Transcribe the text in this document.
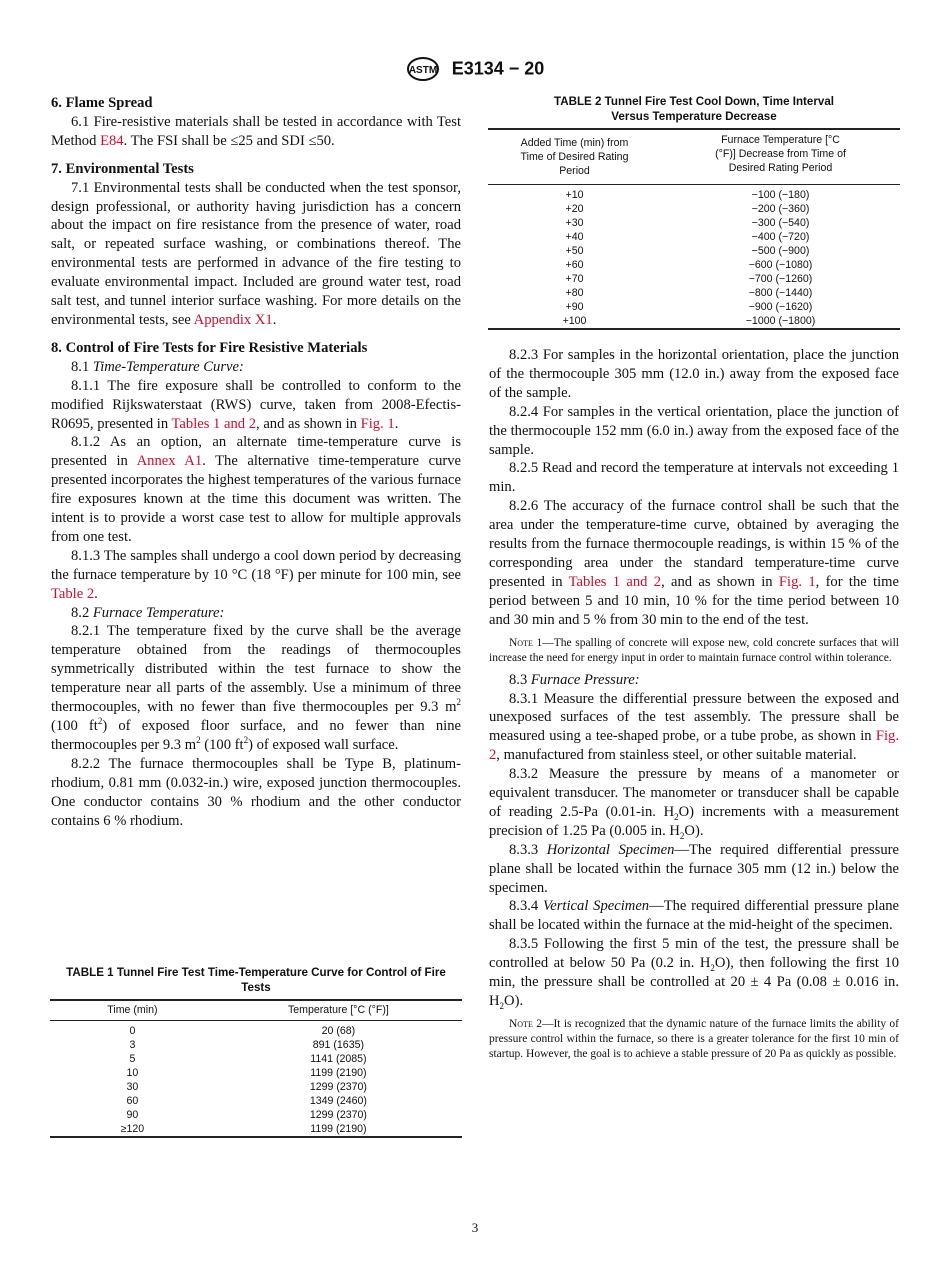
ASTM E3134 − 20
6. Flame Spread

6.1 Fire-resistive materials shall be tested in accordance with Test Method E84. The FSI shall be ≤25 and SDI ≤50.

7. Environmental Tests

7.1 Environmental tests shall be conducted when the test sponsor, design professional, or authority having jurisdiction has a concern about the impact on fire resistance from the presence of water, road salt, or repeated surface washing, or combinations thereof. The environmental tests are performed in advance of the fire testing to evaluate environmental impact. Included are ground water test, road salt test, and tunnel interior surface washing. For more details on the environmental tests, see Appendix X1.

8. Control of Fire Tests for Fire Resistive Materials

8.1 Time-Temperature Curve:

8.1.1 The fire exposure shall be controlled to conform to the modified Rijkswaterstaat (RWS) curve, taken from 2008-Efectis-R0695, presented in Tables 1 and 2, and as shown in Fig. 1.

8.1.2 As an option, an alternate time-temperature curve is presented in Annex A1. The alternative time-temperature curve presented incorporates the highest temperatures of the various furnace fire exposures known at the time this document was written. The intent is to provide a worst case test to allow for multiple approvals from one test.

8.1.3 The samples shall undergo a cool down period by decreasing the furnace temperature by 10 °C (18 °F) per minute for 100 min, see Table 2.

8.2 Furnace Temperature:

8.2.1 The temperature fixed by the curve shall be the average temperature obtained from the readings of thermocouples symmetrically distributed within the test furnace to show the temperature near all parts of the assembly. Use a minimum of three thermocouples, with no fewer than five thermocouples per 9.3 $m^2$ (100 $ft^2$) of exposed floor surface, and no fewer than nine thermocouples per 9.3 $m^2$ (100 $ft^2$) of exposed wall surface.

8.2.2 The furnace thermocouples shall be Type B, platinum-rhodium, 0.81 mm (0.032-in.) wire, exposed junction thermocouples. One conductor contains 30 % rhodium and the other conductor contains 6 % rhodium.

8.2.3 For samples in the horizontal orientation, place the junction of the thermocouple 305 mm (12.0 in.) away from the exposed face of the sample.

8.2.4 For samples in the vertical orientation, place the junction of the thermocouple 152 mm (6.0 in.) away from the exposed face of the sample.

8.2.5 Read and record the temperature at intervals not exceeding 1 min.

8.2.6 The accuracy of the furnace control shall be such that the area under the temperature-time curve, obtained by averaging the results from the furnace thermocouple readings, is within 15 % of the corresponding area under the standard temperature-time curve presented in Tables 1 and 2, and as shown in Fig. 1, for the time period between 5 and 10 min, 10 % for the time period between 10 and 30 min and 5 % from 30 min to the end of the test.

Note 1—The spalling of concrete will expose new, cold concrete surfaces that will increase the need for energy input in order to maintain furnace control within tolerance.

8.3 Furnace Pressure:

8.3.1 Measure the differential pressure between the exposed and unexposed surfaces of the test assembly. The pressure shall be measured using a tee-shaped probe, or a tube probe, as shown in Fig. 2, manufactured from stainless steel, or other suitable material.

8.3.2 Measure the pressure by means of a manometer or equivalent transducer. The manometer or transducer shall be capable of reading 2.5-Pa (0.01-in. $H_2O$) increments with a measurement precision of 1.25 Pa (0.005 in. $H_2O$).

8.3.3 Horizontal Specimen—The required differential pressure plane shall be located within the furnace 305 mm (12 in.) below the specimen.

8.3.4 Vertical Specimen—The required differential pressure plane shall be located within the furnace at the mid-height of the specimen.

8.3.5 Following the first 5 min of the test, the pressure shall be controlled at below 50 Pa (0.2 in. $H_2O$), then following the first 10 min, the pressure shall be controlled at 20 ± 4 Pa (0.08 ± 0.016 in. $H_2O$).

Note 2—It is recognized that the dynamic nature of the furnace limits the ability of pressure control within the furnace, so there is a greater tolerance for the first 10 min of startup. However, the goal is to achieve a stable pressure of 20 Pa as quickly as possible.

TABLE 1 Tunnel Fire Test Time-Temperature Curve for Control of Fire Tests
Time (min)	Temperature [°C (°F)]
0	20 (68)
3	891 (1635)
5	1141 (2085)
10	1199 (2190)
30	1299 (2370)
60	1349 (2460)
90	1299 (2370)
≥120	1199 (2190)
TABLE 2 Tunnel Fire Test Cool Down, Time Interval Versus Temperature Decrease
Added Time (min) from Time of Desired Rating Period	Furnace Temperature [°C (°F)] Decrease from Time of Desired Rating Period
+10	−100 (−180)
+20	−200 (−360)
+30	−300 (−540)
+40	−400 (−720)
+50	−500 (−900)
+60	−600 (−1080)
+70	−700 (−1260)
+80	−800 (−1440)
+90	−900 (−1620)
+100	−1000 (−1800)
3
